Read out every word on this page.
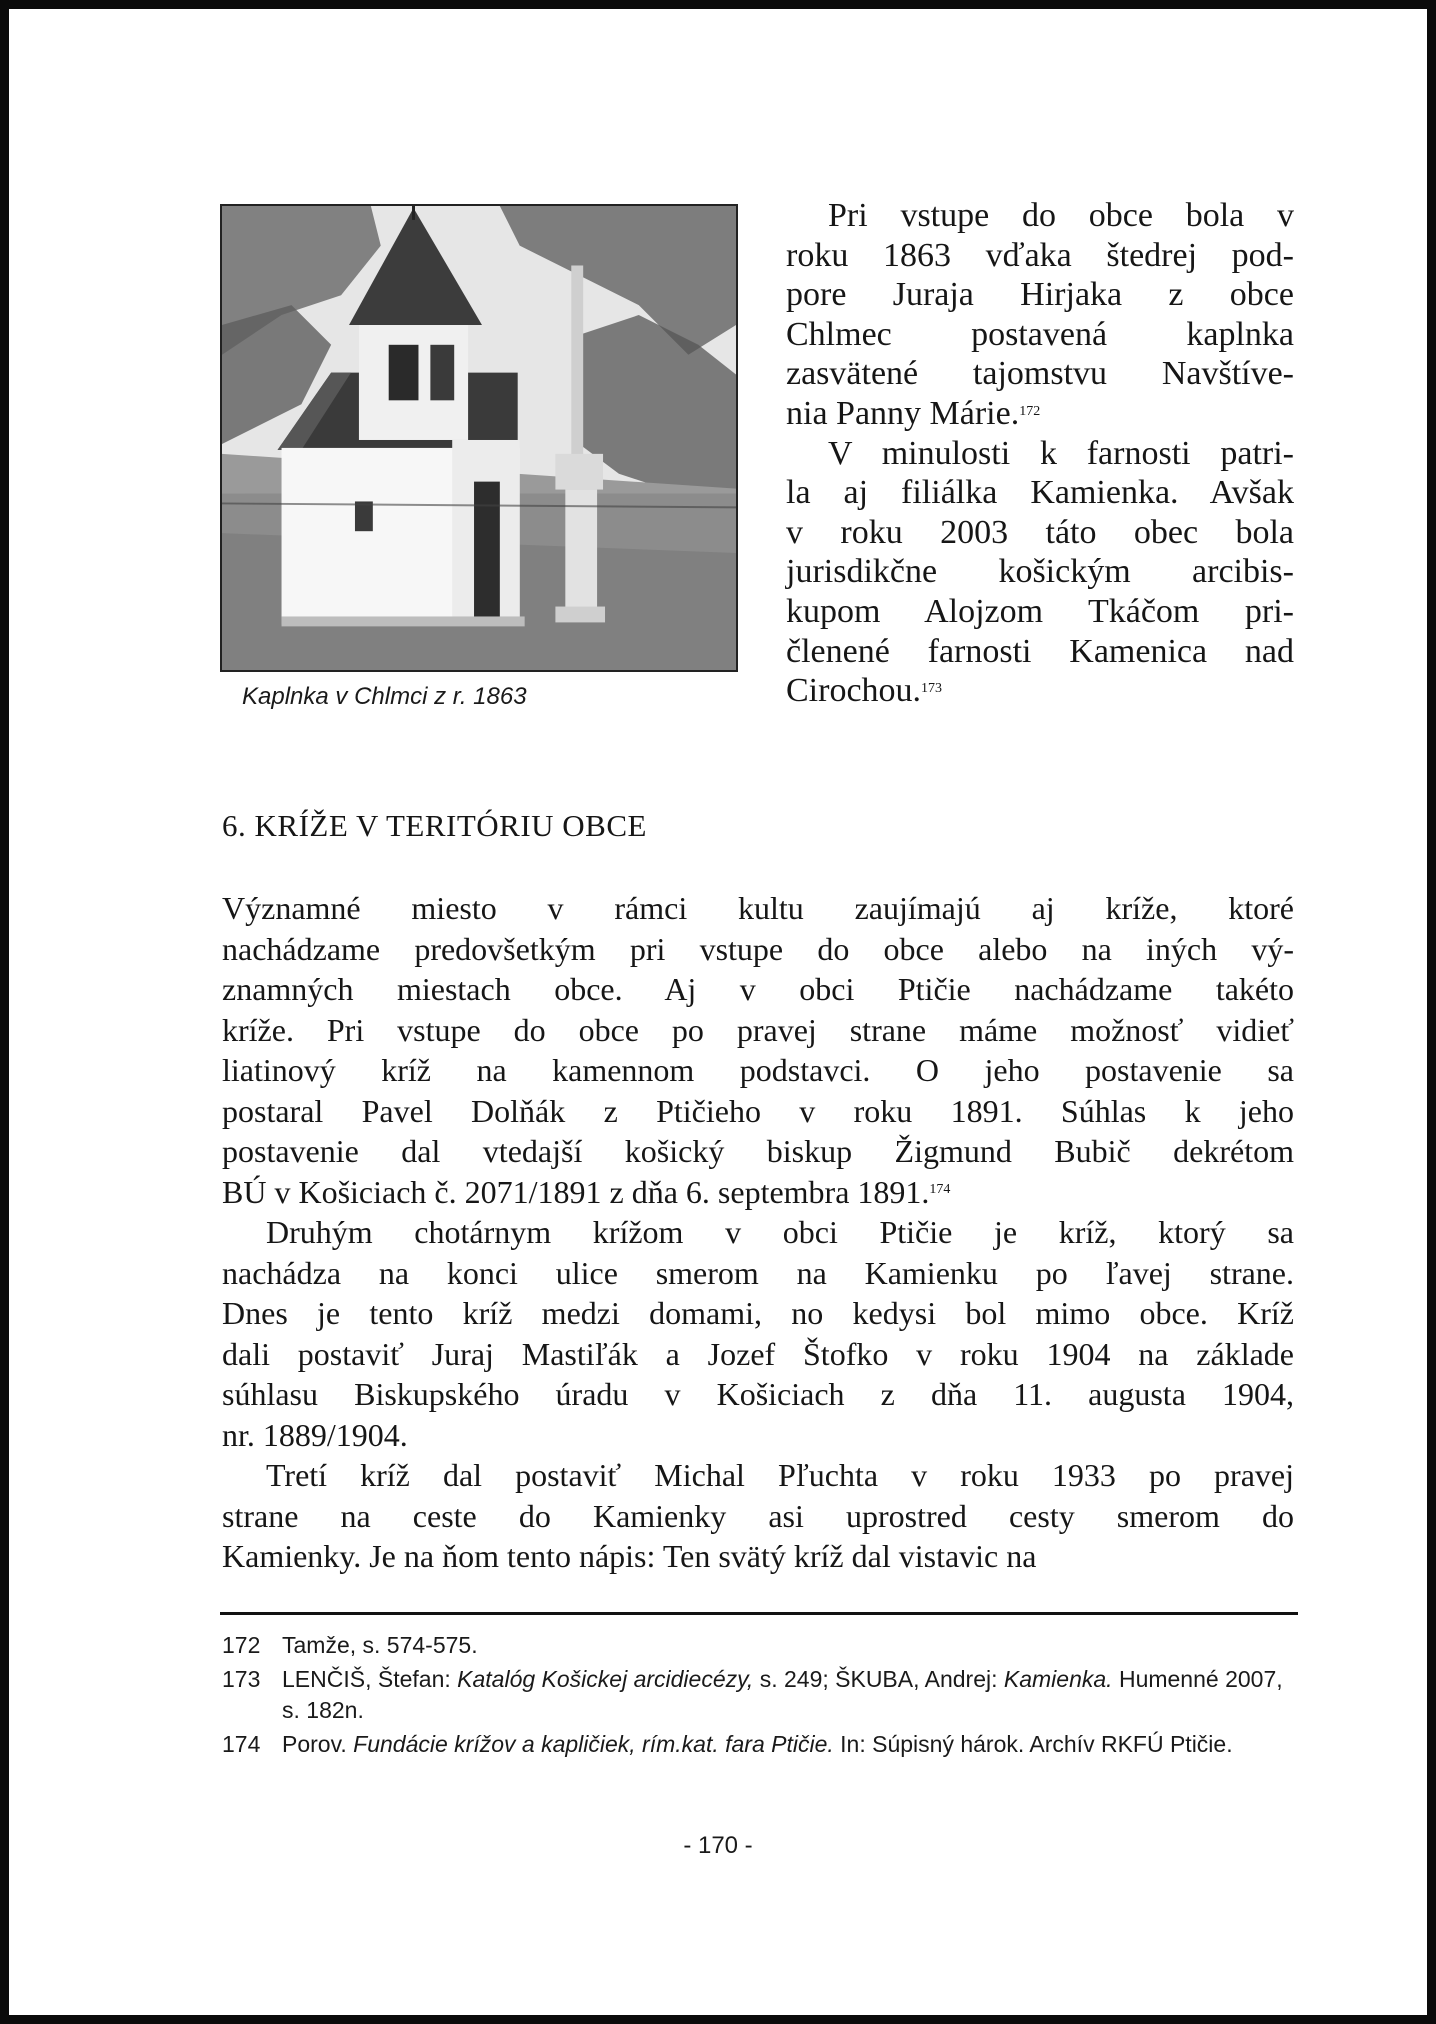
Kaplnka v Chlmci z r. 1863

Pri vstupe do obce bola v
roku 1863 vďaka štedrej pod-
pore Juraja Hirjaka z obce
Chlmec postavená kaplnka
zasvätené tajomstvu Navštíve-
nia Panny Márie.$^{172}$

V minulosti k farnosti patri-
la aj filiálka Kamienka. Avšak
v roku 2003 táto obec bola
jurisdikčne košickým arcibis-
kupom Alojzom Tkáčom pri-
členené farnosti Kamenica nad
Cirochou.$^{173}$

6. KRÍŽE V TERITÓRIU OBCE

Významné miesto v rámci kultu zaujímajú aj kríže, ktoré
nachádzame predovšetkým pri vstupe do obce alebo na iných vý-
znamných miestach obce. Aj v obci Ptičie nachádzame takéto
kríže. Pri vstupe do obce po pravej strane máme možnosť vidieť
liatinový kríž na kamennom podstavci. O jeho postavenie sa
postaral Pavel Dolňák z Ptičieho v roku 1891. Súhlas k jeho
postavenie dal vtedajší košický biskup Žigmund Bubič dekrétom
BÚ v Košiciach č. 2071/1891 z dňa 6. septembra 1891.$^{174}$

Druhým chotárnym krížom v obci Ptičie je kríž, ktorý sa
nachádza na konci ulice smerom na Kamienku po ľavej strane.
Dnes je tento kríž medzi domami, no kedysi bol mimo obce. Kríž
dali postaviť Juraj Mastiľák a Jozef Štofko v roku 1904 na základe
súhlasu Biskupského úradu v Košiciach z dňa 11. augusta 1904,
nr. 1889/1904.

Tretí kríž dal postaviť Michal Pľuchta v roku 1933 po pravej
strane na ceste do Kamienky asi uprostred cesty smerom do
Kamienky. Je na ňom tento nápis: Ten svätý kríž dal vistavic na

172 Tamže, s. 574-575.
173 LENČIŠ, Štefan: Katalóg Košickej arcidiecézy, s. 249; ŠKUBA, Andrej: Kamienka. Humenné 2007, s. 182n.
174 Porov. Fundácie krížov a kapličiek, rím.kat. fara Ptičie. In: Súpisný hárok. Archív RKFÚ Ptičie.
- 170 -
